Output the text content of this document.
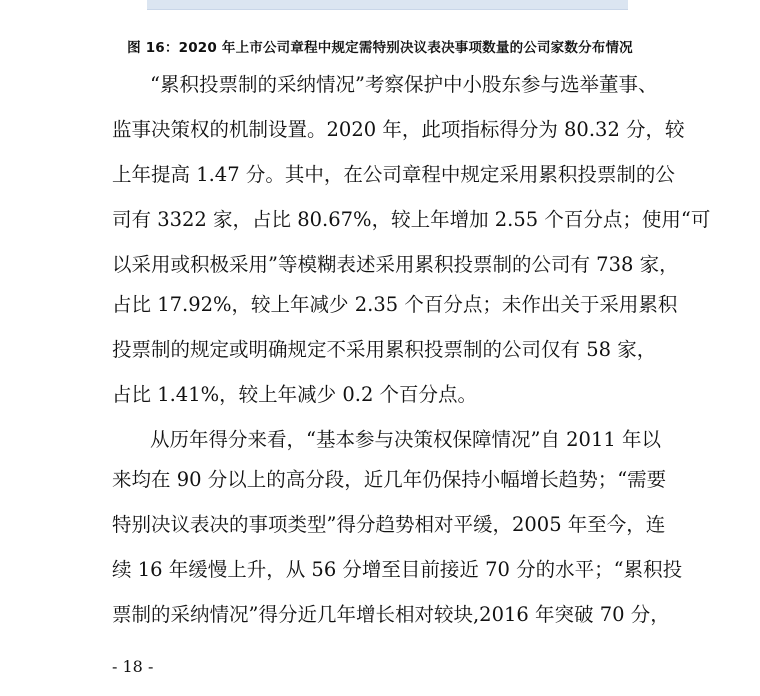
图 16：2020 年上市公司章程中规定需特别决议表决事项数量的公司家数分布情况
“累积投票制的采纳情况”考察保护中小股东参与选举董事、
监事决策权的机制设置。2020 年，此项指标得分为 80.32 分，较
上年提高 1.47 分。其中，在公司章程中规定采用累积投票制的公
司有 3322 家，占比 80.67%，较上年增加 2.55 个百分点；使用“可
以采用或积极采用”等模糊表述采用累积投票制的公司有 738 家，
占比 17.92%，较上年减少 2.35 个百分点；未作出关于采用累积
投票制的规定或明确规定不采用累积投票制的公司仅有 58 家，
占比 1.41%，较上年减少 0.2 个百分点。
从历年得分来看，“基本参与决策权保障情况”自 2011 年以
来均在 90 分以上的高分段，近几年仍保持小幅增长趋势；“需要
特别决议表决的事项类型”得分趋势相对平缓，2005 年至今，连
续 16 年缓慢上升，从 56 分增至目前接近 70 分的水平；“累积投
票制的采纳情况”得分近几年增长相对较块,2016 年突破 70 分，
- 18 -
